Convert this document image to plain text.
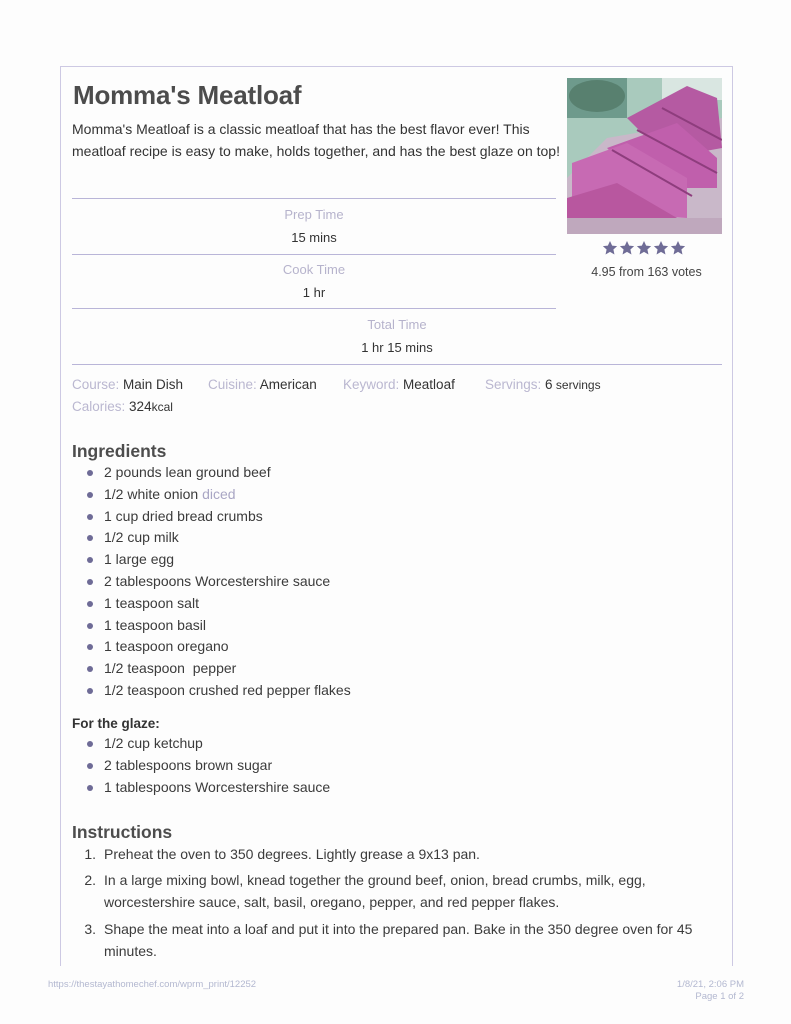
Momma's Meatloaf

Momma's Meatloaf is a classic meatloaf that has the best flavor ever! This meatloaf recipe is easy to make, holds together, and has the best glaze on top!

4.95 from 163 votes
Prep Time
15 mins
Cook Time
1 hr
Total Time
1 hr 15 mins
Course: Main Dish Cuisine: American Keyword: Meatloaf Servings: 6 servings
Calories: 324kcal
Ingredients
2 pounds lean ground beef
1/2 white onion diced
1 cup dried bread crumbs
1/2 cup milk
1 large egg
2 tablespoons Worcestershire sauce
1 teaspoon salt
1 teaspoon basil
1 teaspoon oregano
1/2 teaspoon  pepper
1/2 teaspoon crushed red pepper flakes
For the glaze:
1/2 cup ketchup
2 tablespoons brown sugar
1 tablespoons Worcestershire sauce
Instructions
1. Preheat the oven to 350 degrees. Lightly grease a 9x13 pan.
2. In a large mixing bowl, knead together the ground beef, onion, bread crumbs, milk, egg, worcestershire sauce, salt, basil, oregano, pepper, and red pepper flakes.
3. Shape the meat into a loaf and put it into the prepared pan. Bake in the 350 degree oven for 45 minutes.
https://thestayathomechef.com/wprm_print/12252	1/8/21, 2:06 PM
Page 1 of 2
